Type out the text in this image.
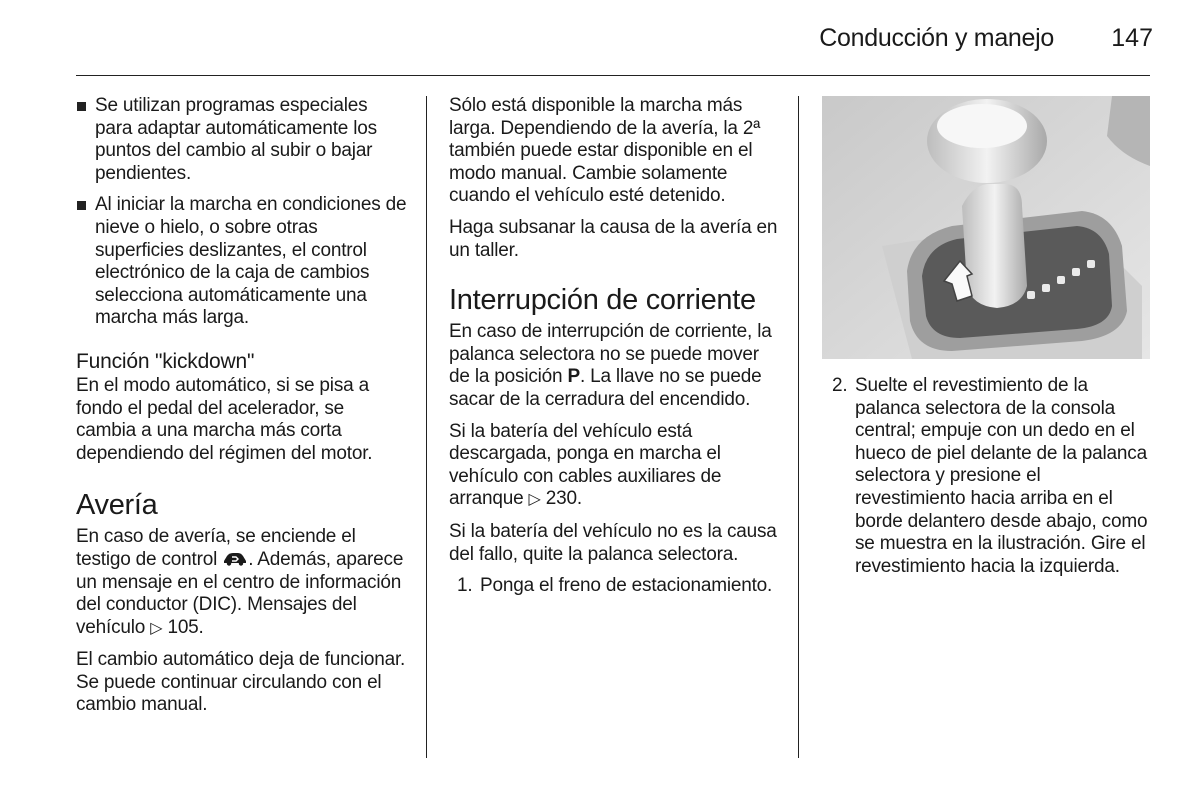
Conducción y manejo 147
Se utilizan programas especiales para adaptar automáticamente los puntos del cambio al subir o bajar pendientes.
Al iniciar la marcha en condiciones de nieve o hielo, o sobre otras superficies deslizantes, el control electrónico de la caja de cambios selecciona automáticamente una marcha más larga.
Función "kickdown"

En el modo automático, si se pisa a fondo el pedal del acelerador, se cambia a una marcha más corta dependiendo del régimen del motor.

Avería

En caso de avería, se enciende el testigo de control . Además, aparece un mensaje en el centro de información del conductor (DIC). Mensajes del vehículo ▷ 105.

El cambio automático deja de funcionar. Se puede continuar circulando con el cambio manual.

Sólo está disponible la marcha más larga. Dependiendo de la avería, la 2ª también puede estar disponible en el modo manual. Cambie solamente cuando el vehículo esté detenido.

Haga subsanar la causa de la avería en un taller.

Interrupción de corriente

En caso de interrupción de corriente, la palanca selectora no se puede mover de la posición P. La llave no se puede sacar de la cerradura del encendido.

Si la batería del vehículo está descargada, ponga en marcha el vehículo con cables auxiliares de arranque ▷ 230.

Si la batería del vehículo no es la causa del fallo, quite la palanca selectora.

1. Ponga el freno de estacionamiento.
2. Suelte el revestimiento de la palanca selectora de la consola central; empuje con un dedo en el hueco de piel delante de la palanca selectora y presione el revestimiento hacia arriba en el borde delantero desde abajo, como se muestra en la ilustración. Gire el revestimiento hacia la izquierda.
